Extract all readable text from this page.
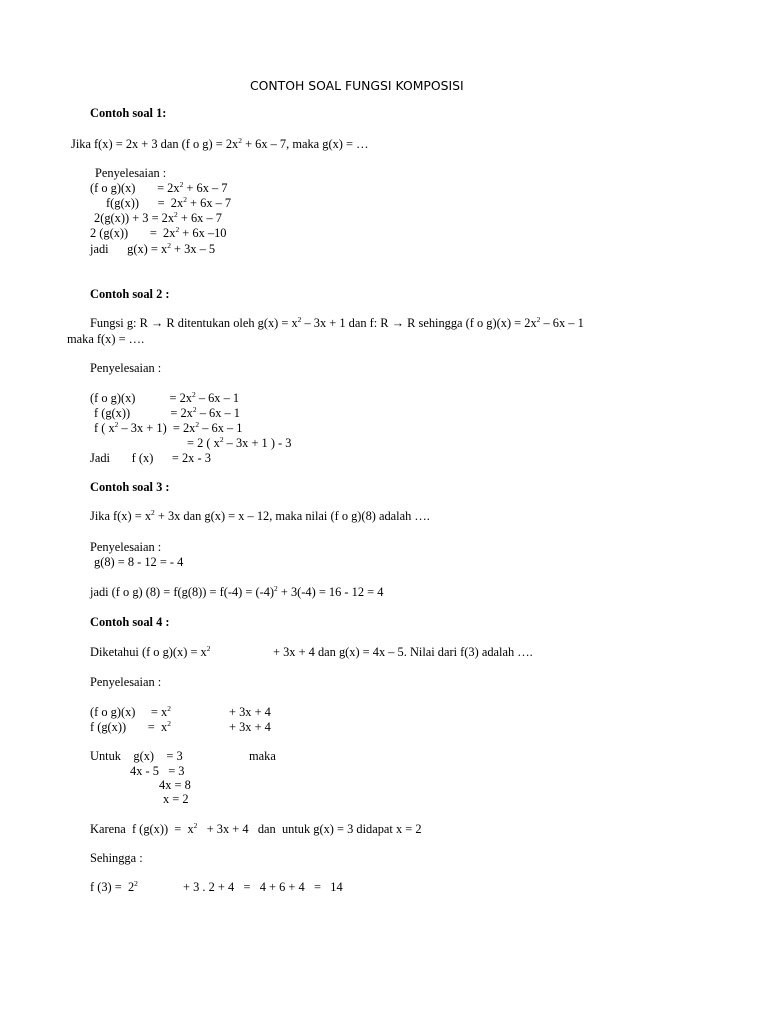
CONTOH SOAL FUNGSI KOMPOSISI
Contoh soal 1:
Jika f(x) = 2x + 3 dan (f o $g) = 2x^2 + 6x - 7$, maka g(x) = …
Penyelesaian :
(f o g)(x)       = $2x^2 + 6x - 7$
f(g(x))      =  $2x^2 + 6x - 7$
$2(g(x)) + 3 = 2x^2 + 6x - 7$
2 (g(x))       =  $2x^2 + 6x$ –10
jadi      $g(x) = x^2 + 3x - 5$
Contoh soal 2 :
Fungsi g: R → R ditentukan oleh $g(x) = x^2 - 3x + 1$ dan f: R → R sehingga (f o $g)(x) = 2x^2 - 6x - 1$
maka f(x) = ….
Penyelesaian :
(f o g)(x)           = $2x^2 - 6x - 1$
f (g(x))             = $2x^2 - 6x - 1$
f ( $x^2 - 3x + 1) = 2x^2 - 6x - 1$
= 2 ( $x^2 - 3x + 1$ ) - 3
Jadi       f (x)      = 2x - 3
Contoh soal 3 :
Jika $f(x) = x^2 + 3x$ dan g(x) = x – 12, maka nilai (f o g)(8) adalah ….
Penyelesaian :
g(8) = 8 - 12 = - 4
jadi (f o g) $(8) = f(g(8)) = f(-4) = (-4)^2 + 3(-4) = 16 - 12 = 4$
Contoh soal 4 :
Diketahui (f o $g)(x) = x^2$	+ 3x + 4 dan g(x) = 4x – 5. Nilai dari f(3) adalah ….
Penyelesaian :
(f o g)(x)     = $x^2$	+ 3x + 4
f (g(x))       =  $x^2$	+ 3x + 4
Untuk    g(x)    = 3	maka
4x - 5   = 3
4x = 8
x = 2
Karena  f $(g(x)) = x^2 + 3x + 4$   dan  untuk g(x) = 3 didapat x = 2
Sehingga :
f $(3) = 2^2$	+ 3 . 2 + 4   =   4 + 6 + 4   =   14
